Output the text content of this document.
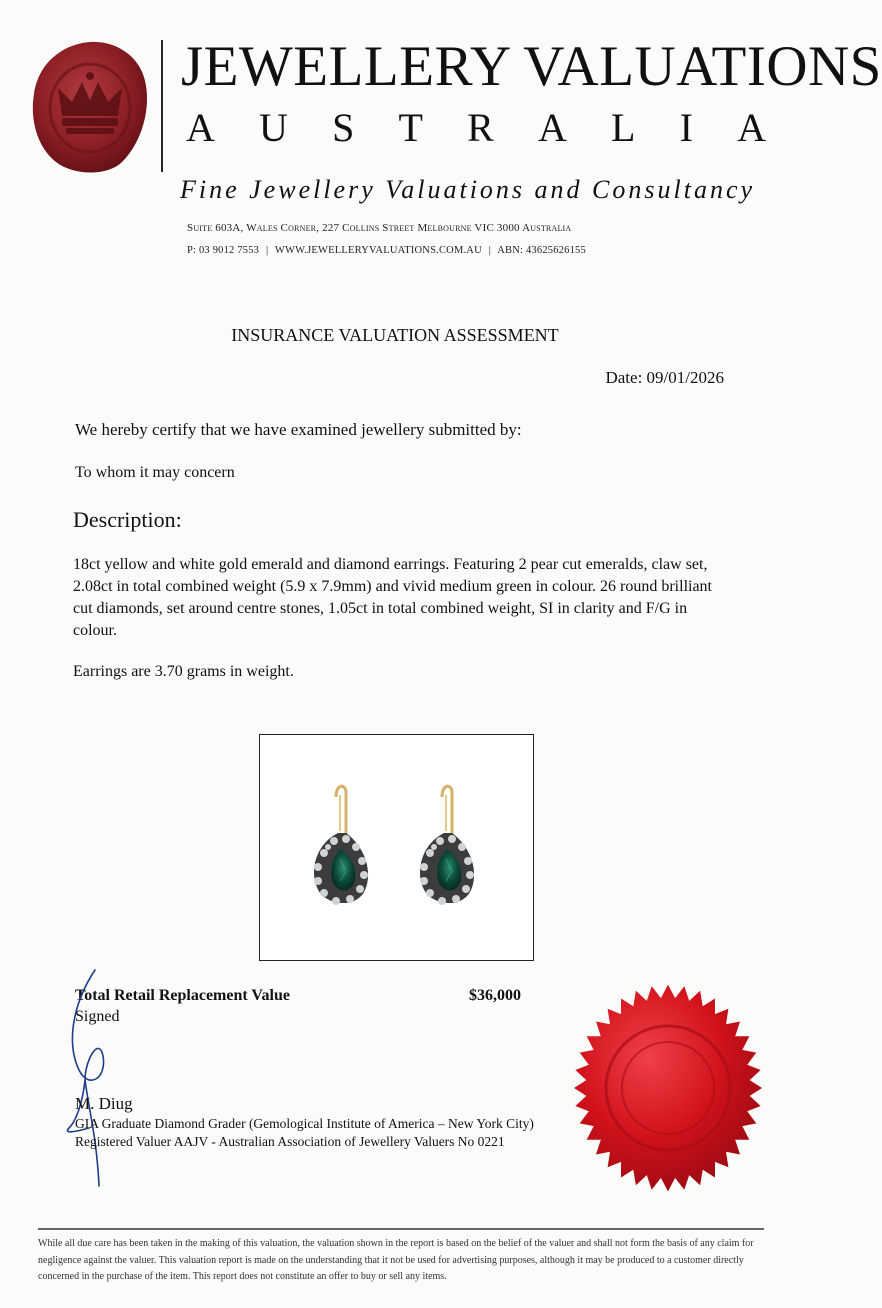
JEWELLERY VALUATIONS
A U S T R A L I A
Fine Jewellery Valuations and Consultancy
Suite 603A, Wales Corner, 227 Collins Street Melbourne VIC 3000 Australia
P: 03 9012 7553 | WWW.JEWELLERYVALUATIONS.COM.AU | ABN: 43625626155
INSURANCE VALUATION ASSESSMENT
Date: 09/01/2026
We hereby certify that we have examined jewellery submitted by:
To whom it may concern
Description:
18ct yellow and white gold emerald and diamond earrings. Featuring 2 pear cut emeralds, claw set, 2.08ct in total combined weight (5.9 x 7.9mm) and vivid medium green in colour. 26 round brilliant cut diamonds, set around centre stones, 1.05ct in total combined weight, SI in clarity and F/G in colour.
Earrings are 3.70 grams in weight.
Total Retail Replacement Value	$36,000
Signed
M. Diug
GIA Graduate Diamond Grader (Gemological Institute of America – New York City)
Registered Valuer AAJV - Australian Association of Jewellery Valuers No 0221
While all due care has been taken in the making of this valuation, the valuation shown in the report is based on the belief of the valuer and shall not form the basis of any claim for negligence against the valuer. This valuation report is made on the understanding that it not be used for advertising purposes, although it may be produced to a customer directly concerned in the purchase of the item. This report does not constitute an offer to buy or sell any items.
